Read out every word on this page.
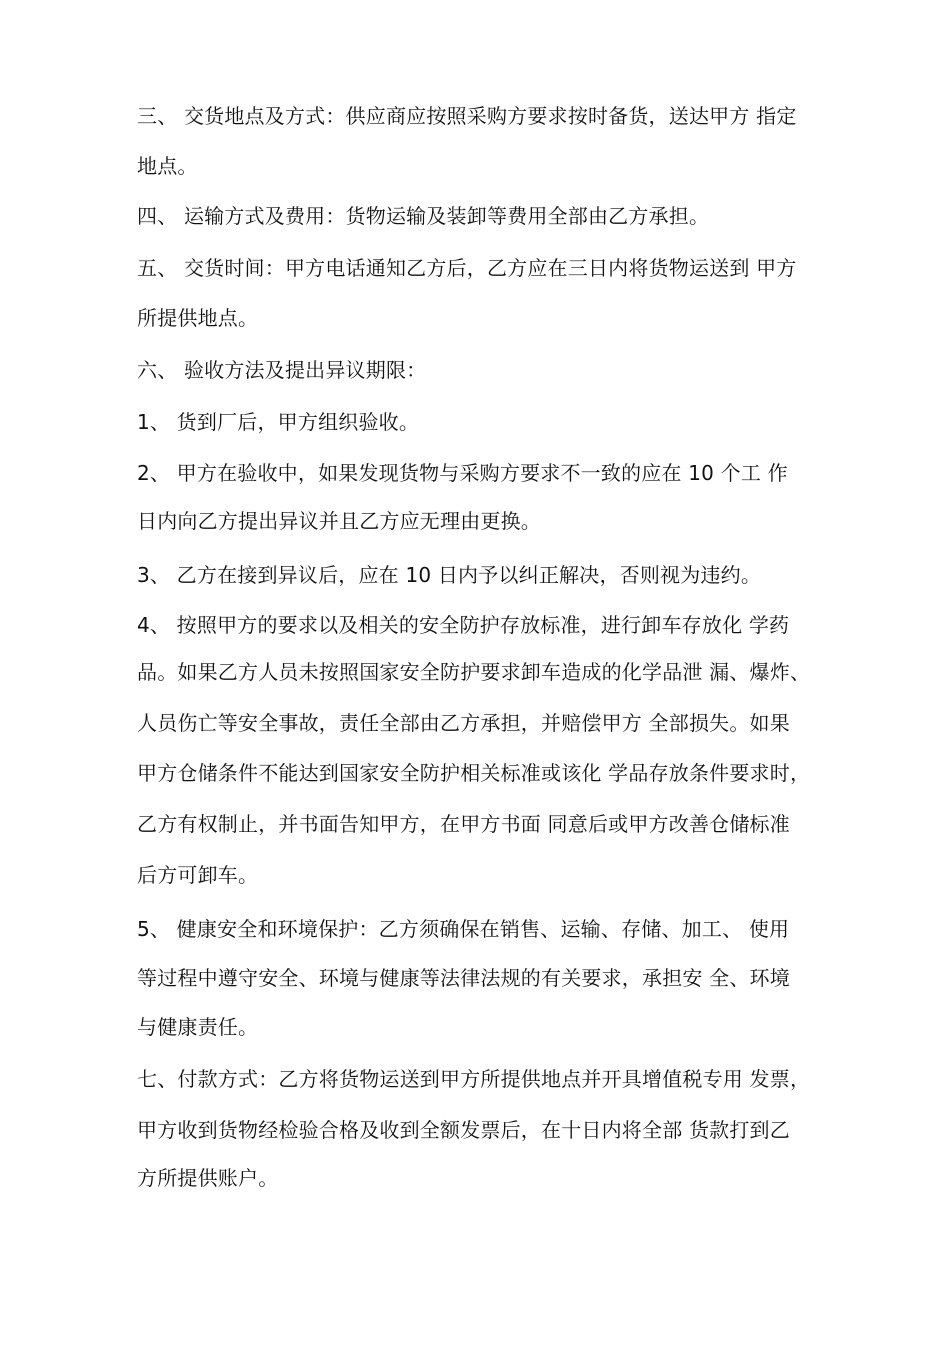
三、 交货地点及方式：供应商应按照采购方要求按时备货，送达甲方 指定
地点。
四、 运输方式及费用：货物运输及装卸等费用全部由乙方承担。
五、 交货时间：甲方电话通知乙方后，乙方应在三日内将货物运送到 甲方
所提供地点。
六、 验收方法及提出异议期限：
1、 货到厂后，甲方组织验收。
2、 甲方在验收中，如果发现货物与采购方要求不一致的应在 10 个工 作
日内向乙方提出异议并且乙方应无理由更换。
3、 乙方在接到异议后，应在 10 日内予以纠正解决，否则视为违约。
4、 按照甲方的要求以及相关的安全防护存放标准，进行卸车存放化 学药
品。如果乙方人员未按照国家安全防护要求卸车造成的化学品泄 漏、爆炸、
人员伤亡等安全事故，责任全部由乙方承担，并赔偿甲方 全部损失。如果
甲方仓储条件不能达到国家安全防护相关标准或该化 学品存放条件要求时，
乙方有权制止，并书面告知甲方，在甲方书面 同意后或甲方改善仓储标准
后方可卸车。
5、 健康安全和环境保护：乙方须确保在销售、运输、存储、加工、 使用
等过程中遵守安全、环境与健康等法律法规的有关要求，承担安 全、环境
与健康责任。
七、付款方式：乙方将货物运送到甲方所提供地点并开具增值税专用 发票，
甲方收到货物经检验合格及收到全额发票后，在十日内将全部 货款打到乙
方所提供账户。
